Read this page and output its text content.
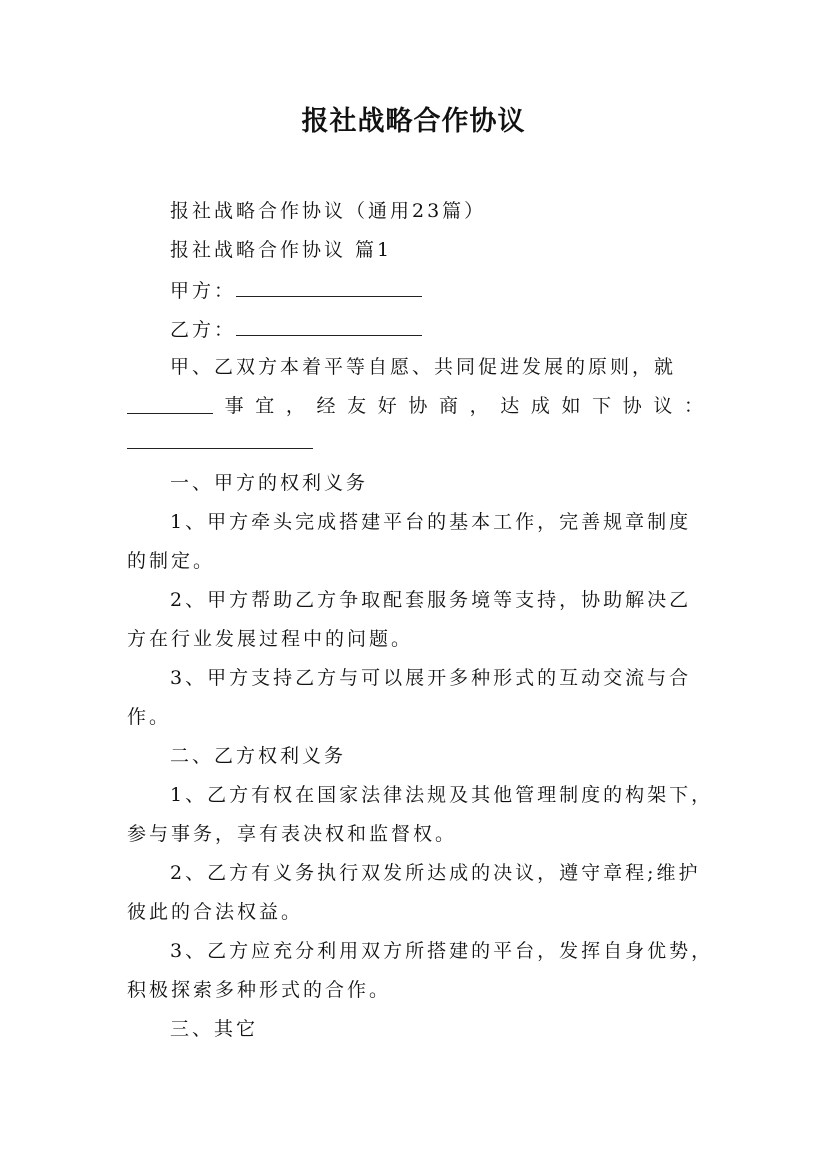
报社战略合作协议
报社战略合作协议（通用23篇）
报社战略合作协议 篇1
甲方：
乙方：
甲、乙双方本着平等自愿、共同促进发展的原则，就
事 宜 ， 经 友 好 协 商 ， 达 成 如 下 协 议 ：
一、甲方的权利义务
1、甲方牵头完成搭建平台的基本工作，完善规章制度
的制定。
2、甲方帮助乙方争取配套服务境等支持，协助解决乙
方在行业发展过程中的问题。
3、甲方支持乙方与可以展开多种形式的互动交流与合
作。
二、乙方权利义务
1、乙方有权在国家法律法规及其他管理制度的构架下，
参与事务，享有表决权和监督权。
2、乙方有义务执行双发所达成的决议，遵守章程;维护
彼此的合法权益。
3、乙方应充分利用双方所搭建的平台，发挥自身优势，
积极探索多种形式的合作。
三、其它
